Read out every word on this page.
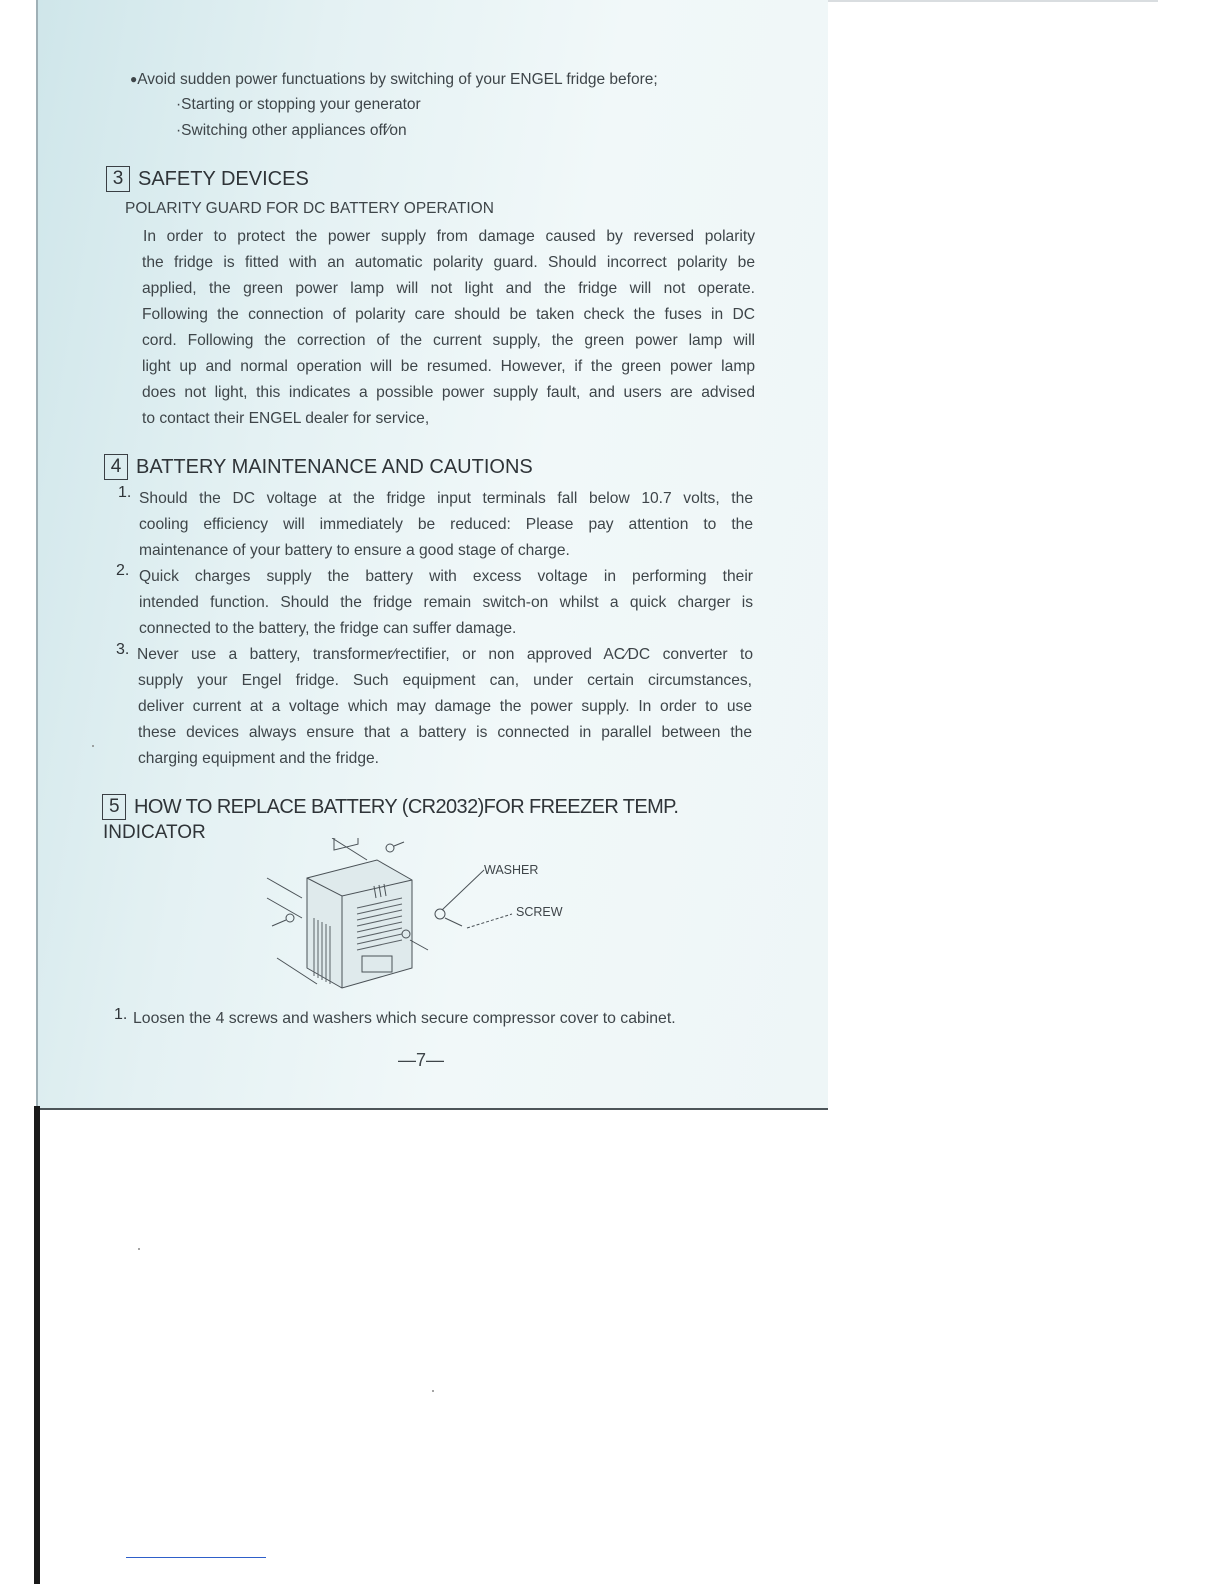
●Avoid sudden power functuations by switching of your ENGEL fridge before;
·Starting or stopping your generator
·Switching other appliances off∕on
3 SAFETY DEVICES
POLARITY GUARD FOR DC BATTERY OPERATION
In order to protect the power supply from damage caused by reversed polarity
the fridge is fitted with an automatic polarity guard. Should incorrect polarity be
applied, the green power lamp will not light and the fridge will not operate.
Following the connection of polarity care should be taken check the fuses in DC
cord. Following the correction of the current supply, the green power lamp will
light up and normal operation will be resumed. However, if the green power lamp
does not light, this indicates a possible power supply fault, and users are advised
to contact their ENGEL dealer for service,
4 BATTERY MAINTENANCE AND CAUTIONS
1. Should the DC voltage at the fridge input terminals fall below 10.7 volts, the
cooling efficiency will immediately be reduced: Please pay attention to the
maintenance of your battery to ensure a good stage of charge.
2. Quick charges supply the battery with excess voltage in performing their
intended function. Should the fridge remain switch-on whilst a quick charger is
connected to the battery, the fridge can suffer damage.
3. Never use a battery, transformer∕rectifier, or non approved AC∕DC converter to
supply your Engel fridge. Such equipment can, under certain circumstances,
deliver current at a voltage which may damage the power supply. In order to use
these devices always ensure that a battery is connected in parallel between the
charging equipment and the fridge.
5 HOW TO REPLACE BATTERY (CR2032)FOR FREEZER TEMP.
INDICATOR
WASHER
SCREW
1. Loosen the 4 screws and washers which secure compressor cover to cabinet.
—7—
